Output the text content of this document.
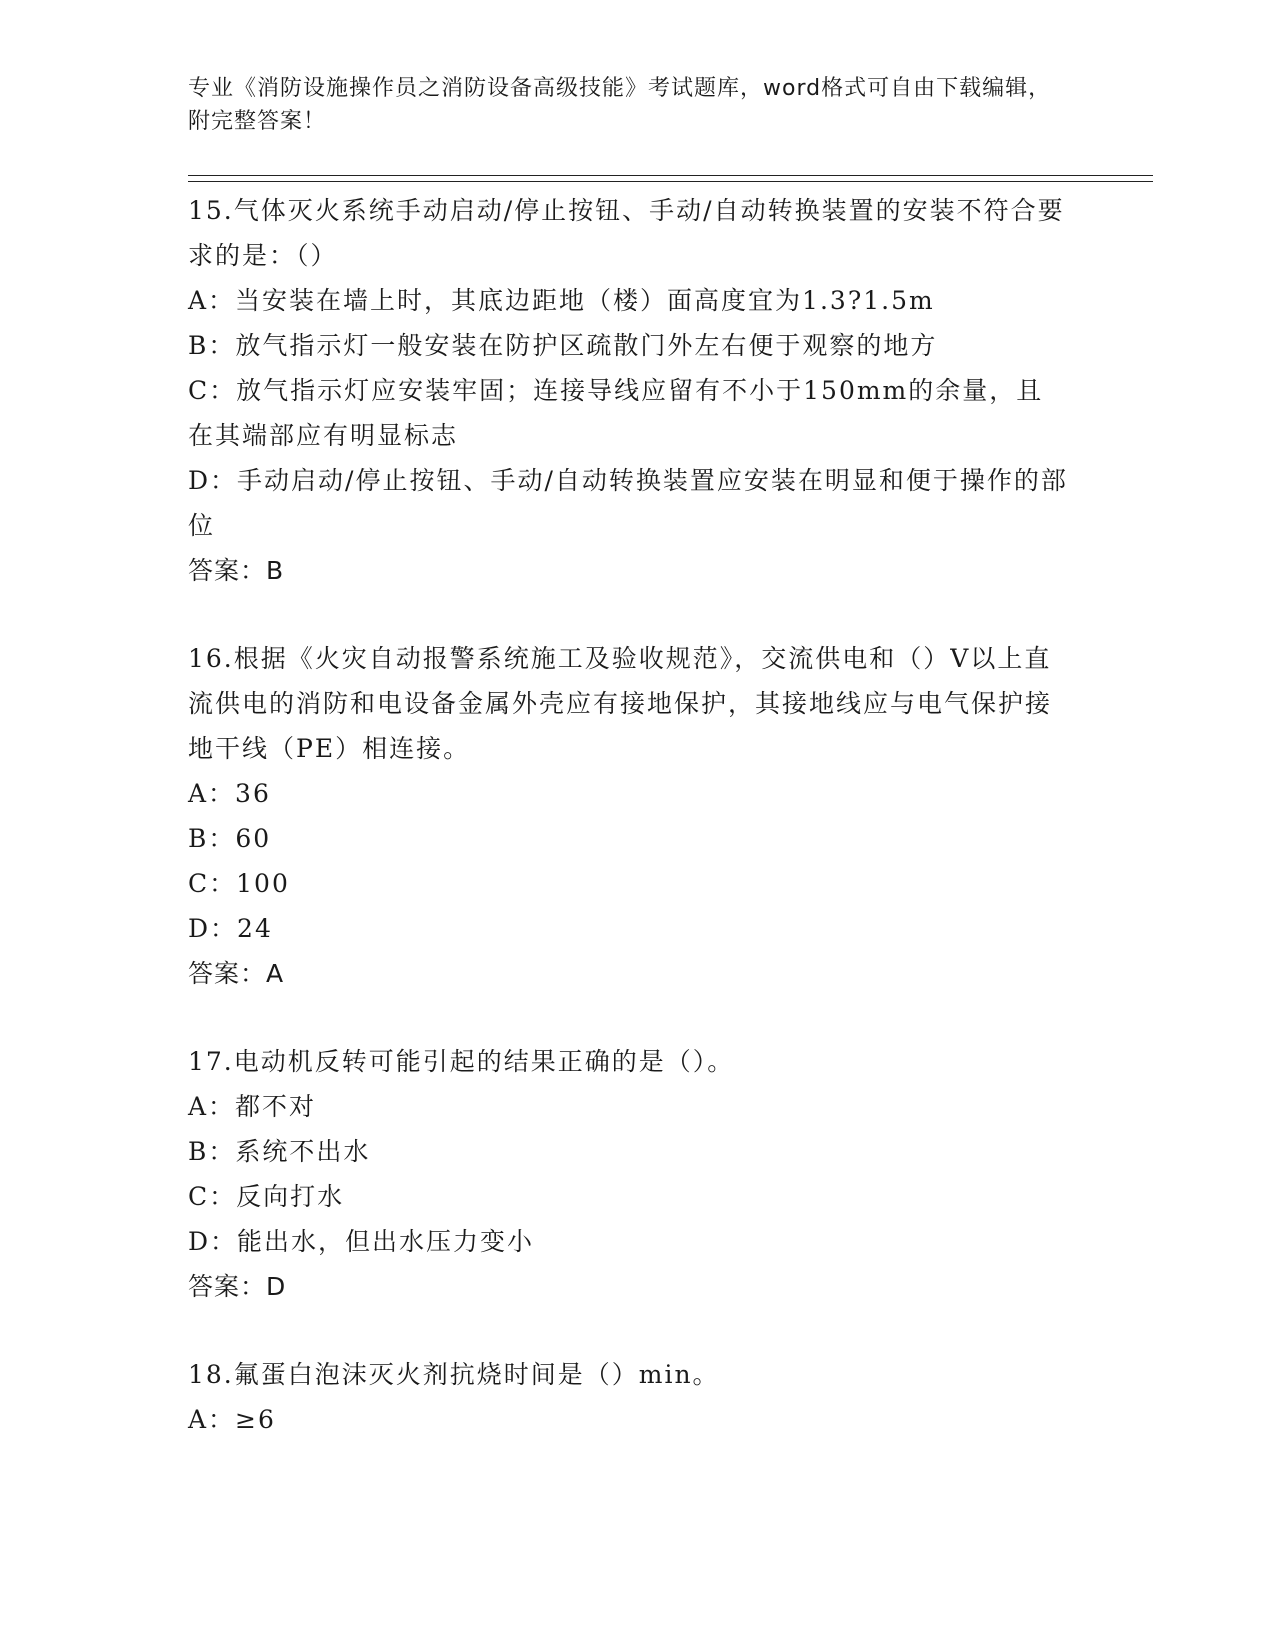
专业《消防设施操作员之消防设备高级技能》考试题库，word格式可自由下载编辑，附完整答案！

15.气体灭火系统手动启动/停止按钮、手动/自动转换装置的安装不符合要求的是：（）

A：当安装在墙上时，其底边距地（楼）面高度宜为1.3?1.5m

B：放气指示灯一般安装在防护区疏散门外左右便于观察的地方

C：放气指示灯应安装牢固；连接导线应留有不小于150mm的余量，且在其端部应有明显标志

D：手动启动/停止按钮、手动/自动转换装置应安装在明显和便于操作的部位

答案：B

16.根据《火灾自动报警系统施工及验收规范》，交流供电和（）V以上直流供电的消防和电设备金属外壳应有接地保护，其接地线应与电气保护接地干线（PE）相连接。

A：36

B：60

C：100

D：24

答案：A

17.电动机反转可能引起的结果正确的是（）。

A：都不对

B：系统不出水

C：反向打水

D：能出水，但出水压力变小

答案：D

18.氟蛋白泡沫灭火剂抗烧时间是（）min。

A：≥6
